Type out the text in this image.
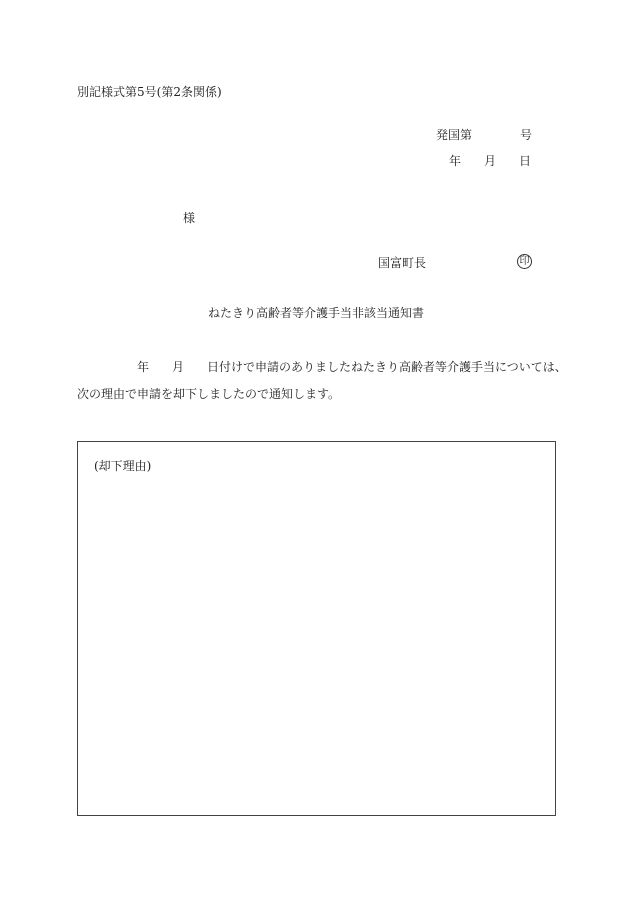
別記様式第5号(第2条関係)
発国第	号
年 月 日
様
国富町長	印
ねたきり高齢者等介護手当非該当通知書
年 月 日付けで申請のありましたねたきり高齢者等介護手当については、
次の理由で申請を却下しましたので通知します。
(却下理由)
